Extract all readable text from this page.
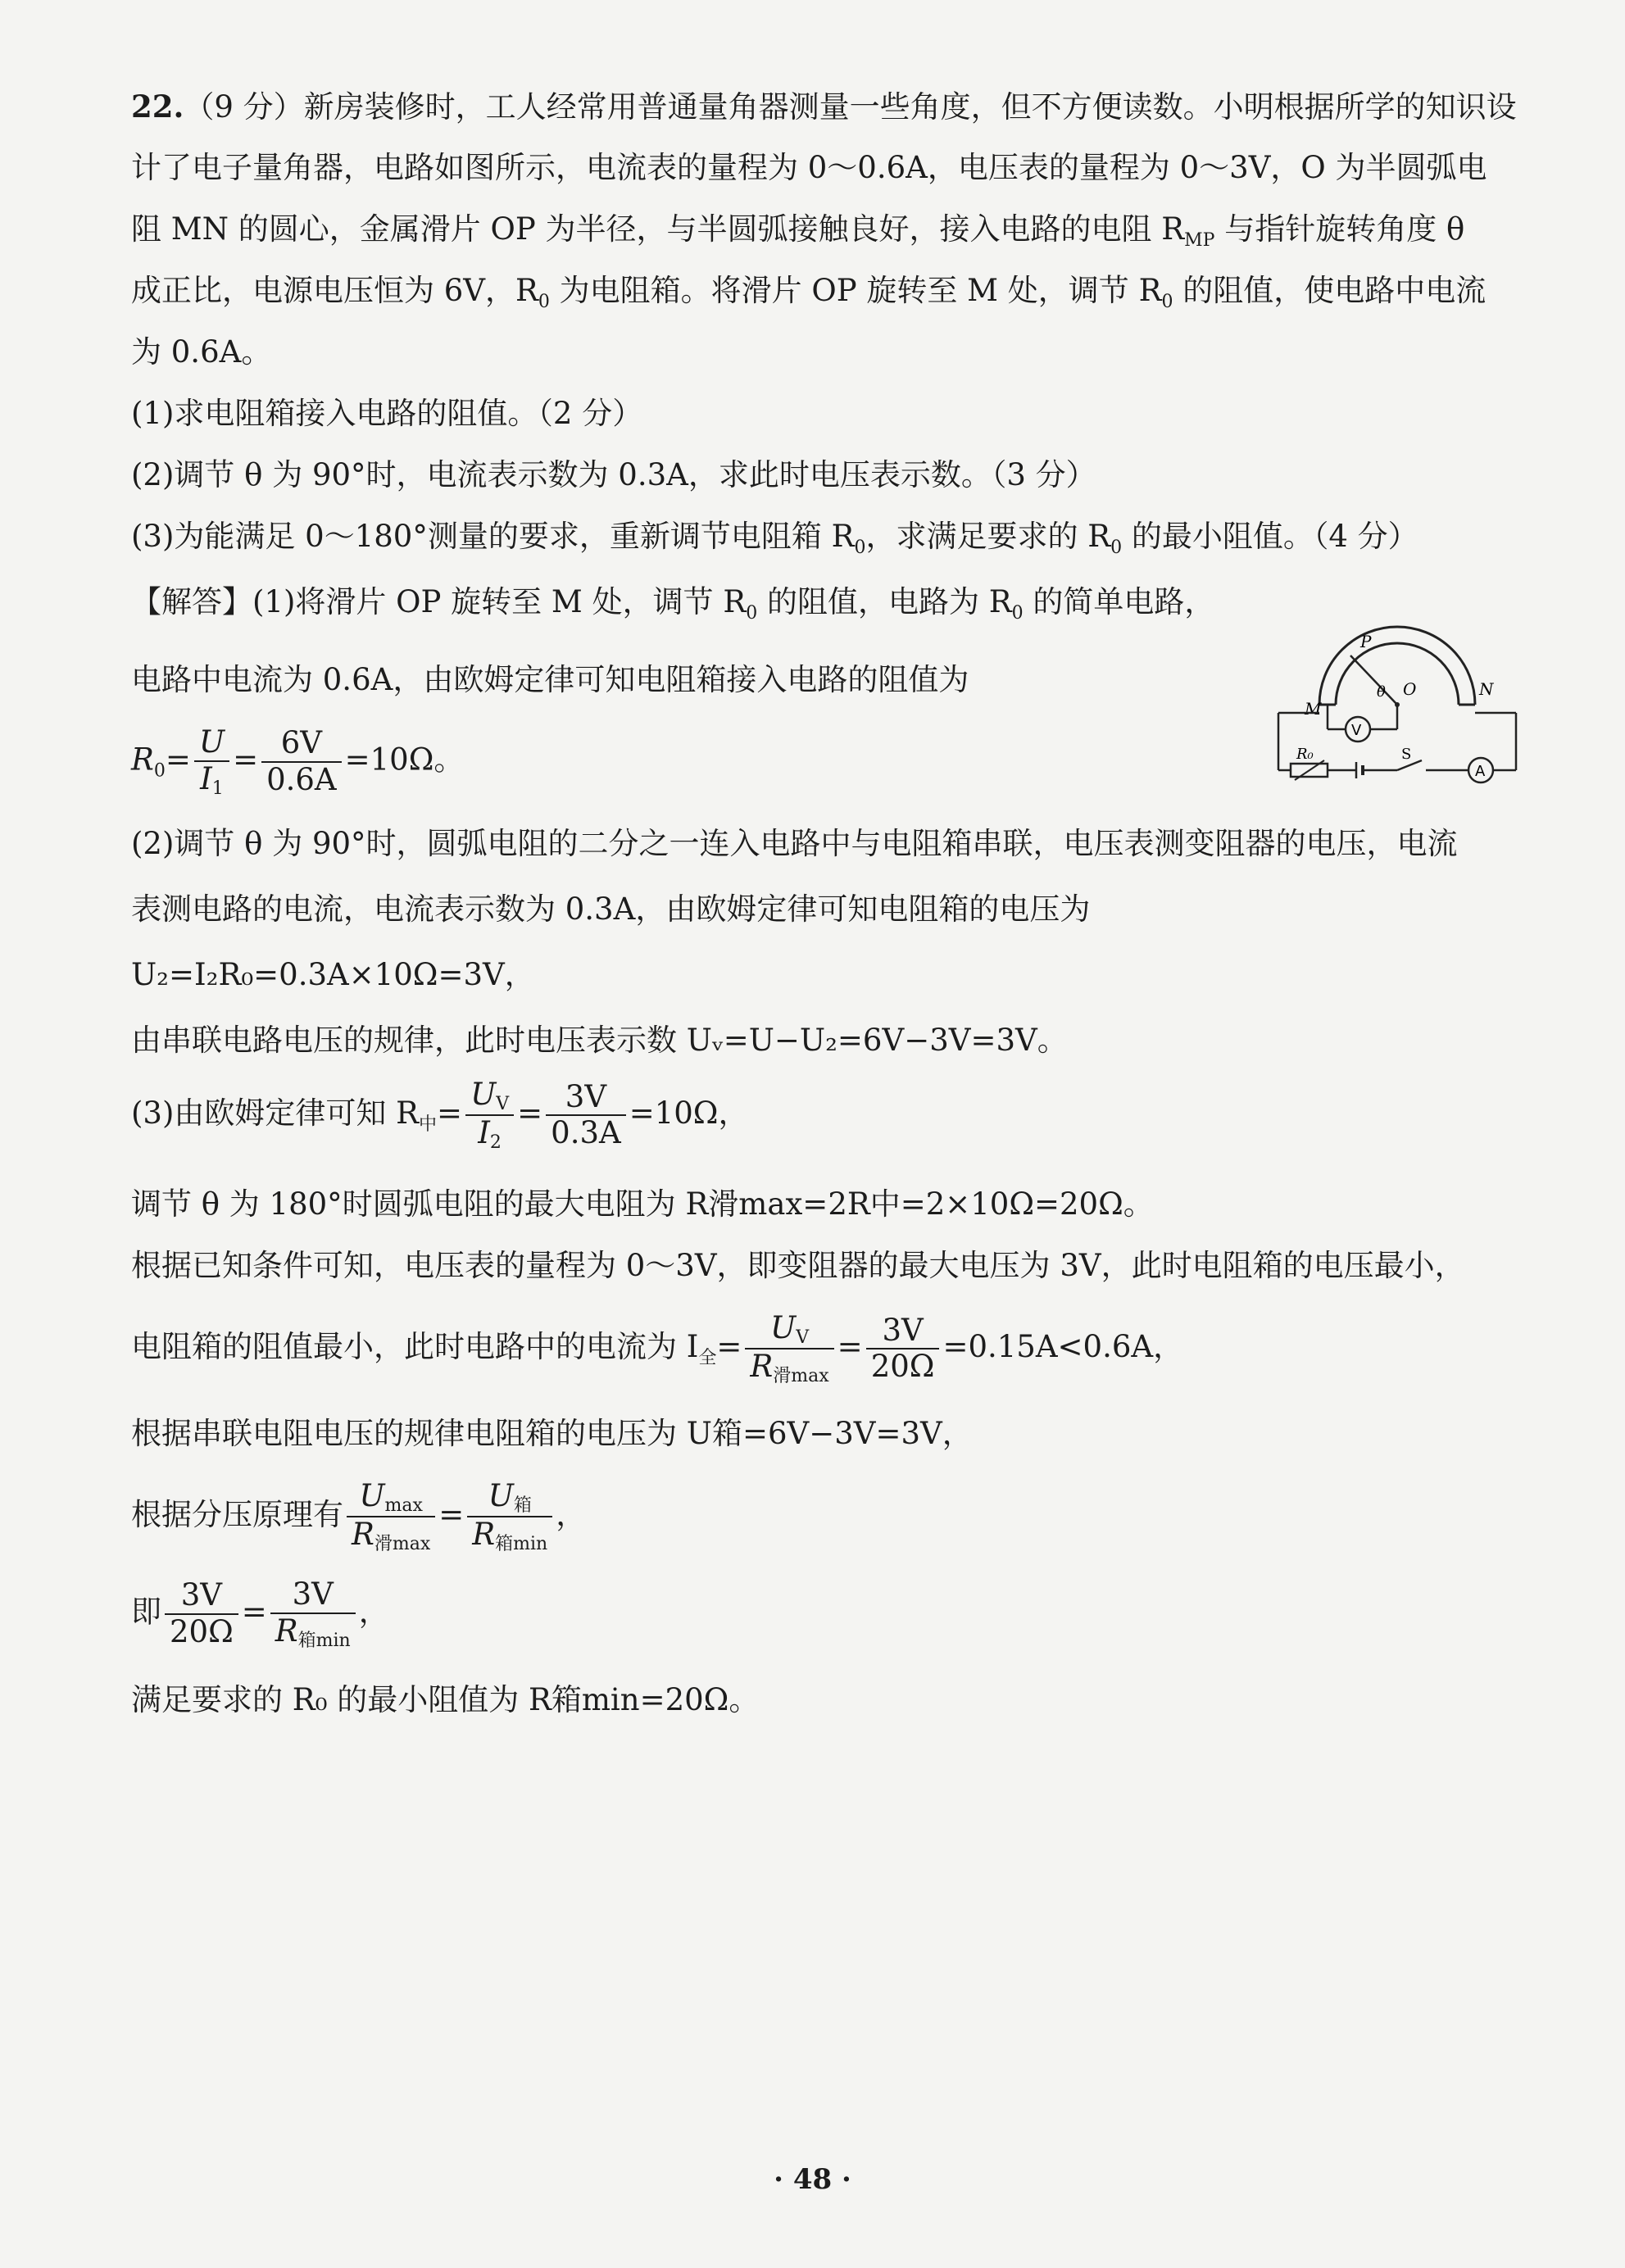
22.（9 分）新房装修时，工人经常用普通量角器测量一些角度，但不方便读数。小明根据所学的知识设
计了电子量角器，电路如图所示，电流表的量程为 0～0.6A，电压表的量程为 0～3V，O 为半圆弧电
阻 MN 的圆心，金属滑片 OP 为半径，与半圆弧接触良好，接入电路的电阻 $R_{MP}$ 与指针旋转角度 θ
成正比，电源电压恒为 6V，$R_0$ 为电阻箱。将滑片 OP 旋转至 M 处，调节 $R_0$ 的阻值，使电路中电流
为 0.6A。
(1)求电阻箱接入电路的阻值。（2 分）
(2)调节 θ 为 90°时，电流表示数为 0.3A，求此时电压表示数。（3 分）
(3)为能满足 0～180°测量的要求，重新调节电阻箱 $R_0$，求满足要求的 $R_0$ 的最小阻值。（4 分）
【解答】(1)将滑片 OP 旋转至 M 处，调节 $R_0$ 的阻值，电路为 $R_0$ 的简单电路，
电路中电流为 0.6A，由欧姆定律可知电阻箱接入电路的阻值为
$R_0= \frac{U}{I_1} = \frac{6V}{0.6A} =10\Omega$。
(2)调节 θ 为 90°时，圆弧电阻的二分之一连入电路中与电阻箱串联，电压表测变阻器的电压，电流
表测电路的电流，电流表示数为 0.3A，由欧姆定律可知电阻箱的电压为
U₂=I₂R₀=0.3A×10Ω=3V，
由串联电路电压的规律，此时电压表示数 Uᵥ=U−U₂=6V−3V=3V。
(3)由欧姆定律可知 $R_中= \frac{U_V}{I_2} = \frac{3V}{0.3A} =10\Omega$，
调节 θ 为 180°时圆弧电阻的最大电阻为 R滑max=2R中=2×10Ω=20Ω。
根据已知条件可知，电压表的量程为 0～3V，即变阻器的最大电压为 3V，此时电阻箱的电压最小，
电阻箱的阻值最小，此时电路中的电流为 $I_全= \frac{U_V}{R_{滑max}} = \frac{3V}{20\Omega} =0.15A<0.6A$，
根据串联电阻电压的规律电阻箱的电压为 U箱=6V−3V=3V，
根据分压原理有 $\frac{U_{max}}{R_{滑max}} = \frac{U_箱}{R_{箱min}}$ ，
即 $\frac{3V}{20\Omega} = \frac{3V}{R_{箱min}}$ ，
满足要求的 R₀ 的最小阻值为 R箱min=20Ω。
P
θ O
M
N
V
R₀	S
A
· 48 ·
